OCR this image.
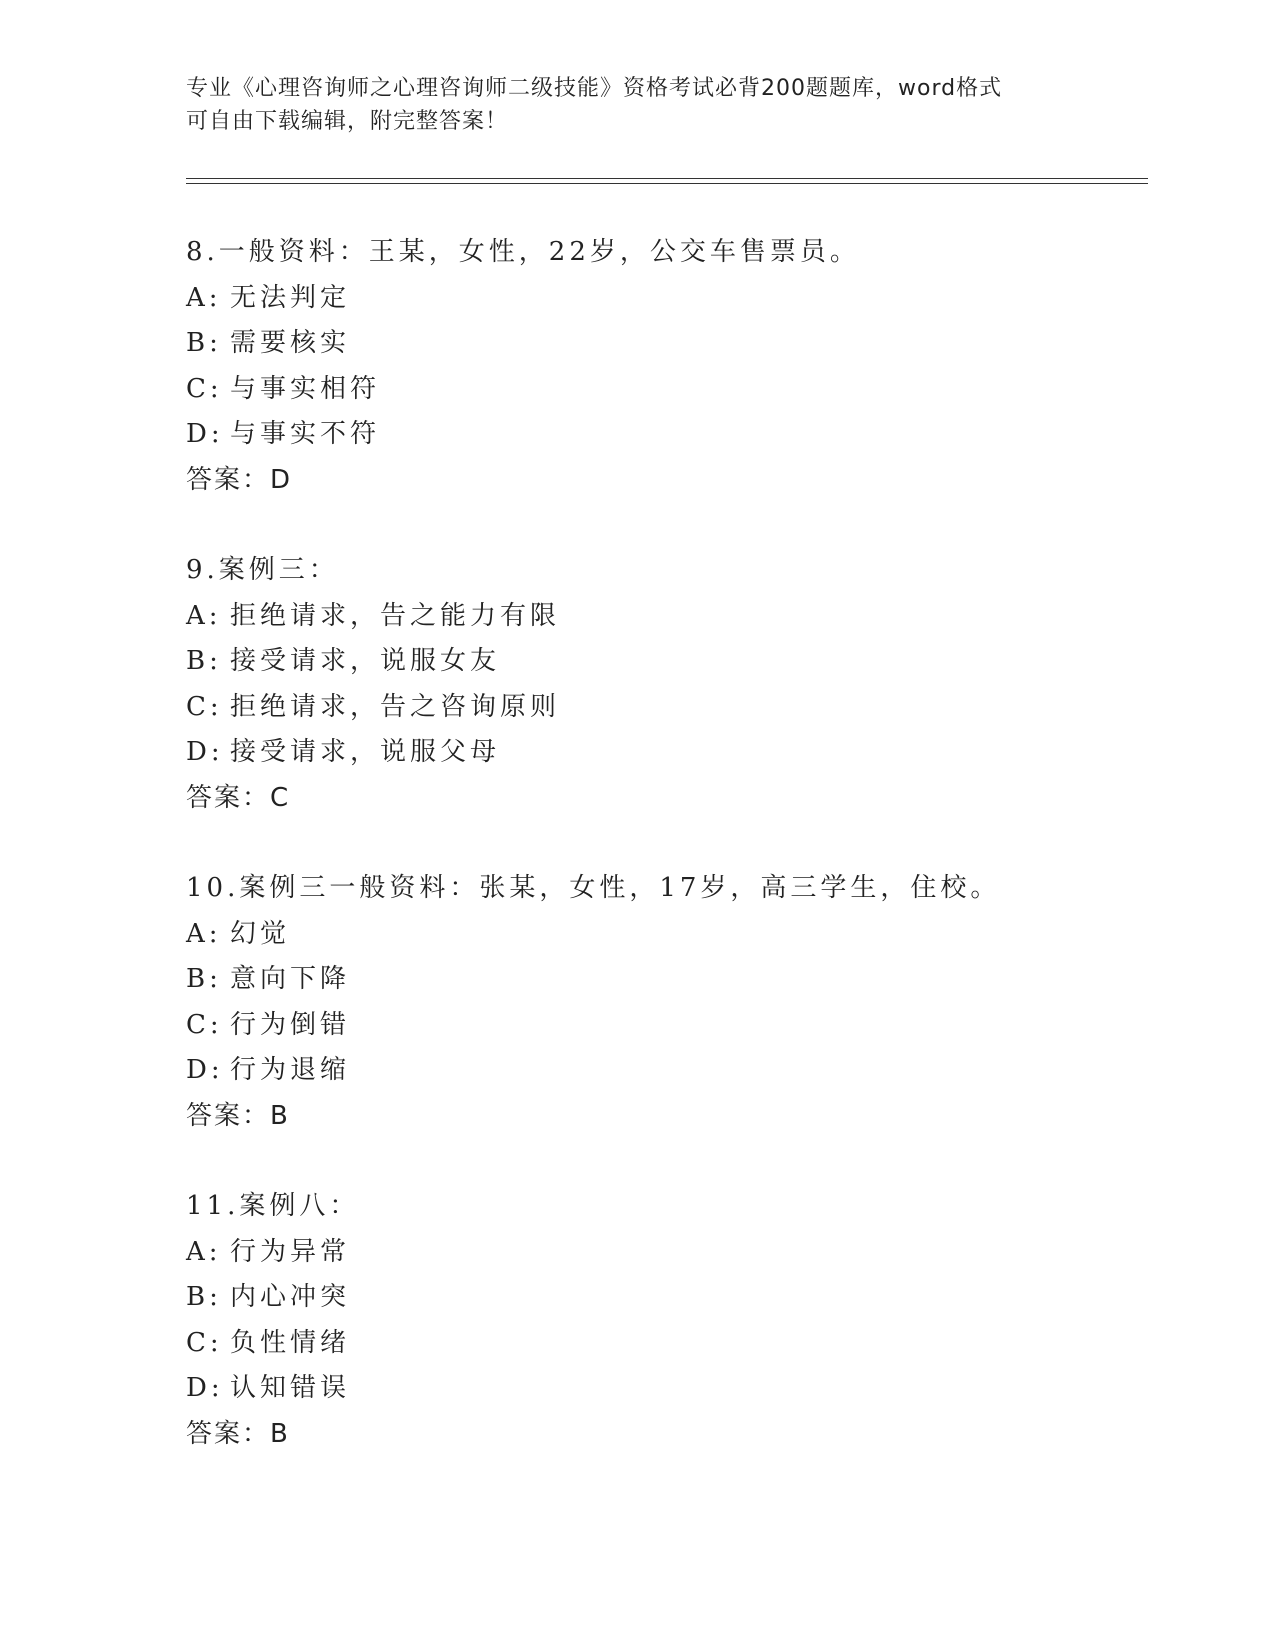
专业《心理咨询师之心理咨询师二级技能》资格考试必背200题题库，word格式
可自由下载编辑，附完整答案！
8.一般资料：王某，女性，22岁，公交车售票员。
A: 无法判定
B: 需要核实
C: 与事实相符
D: 与事实不符
答案：D
9.案例三：
A: 拒绝请求，告之能力有限
B: 接受请求，说服女友
C: 拒绝请求，告之咨询原则
D: 接受请求，说服父母
答案：C
10.案例三一般资料：张某，女性，17岁，高三学生，住校。
A: 幻觉
B: 意向下降
C: 行为倒错
D: 行为退缩
答案：B
11.案例八：
A: 行为异常
B: 内心冲突
C: 负性情绪
D: 认知错误
答案：B
